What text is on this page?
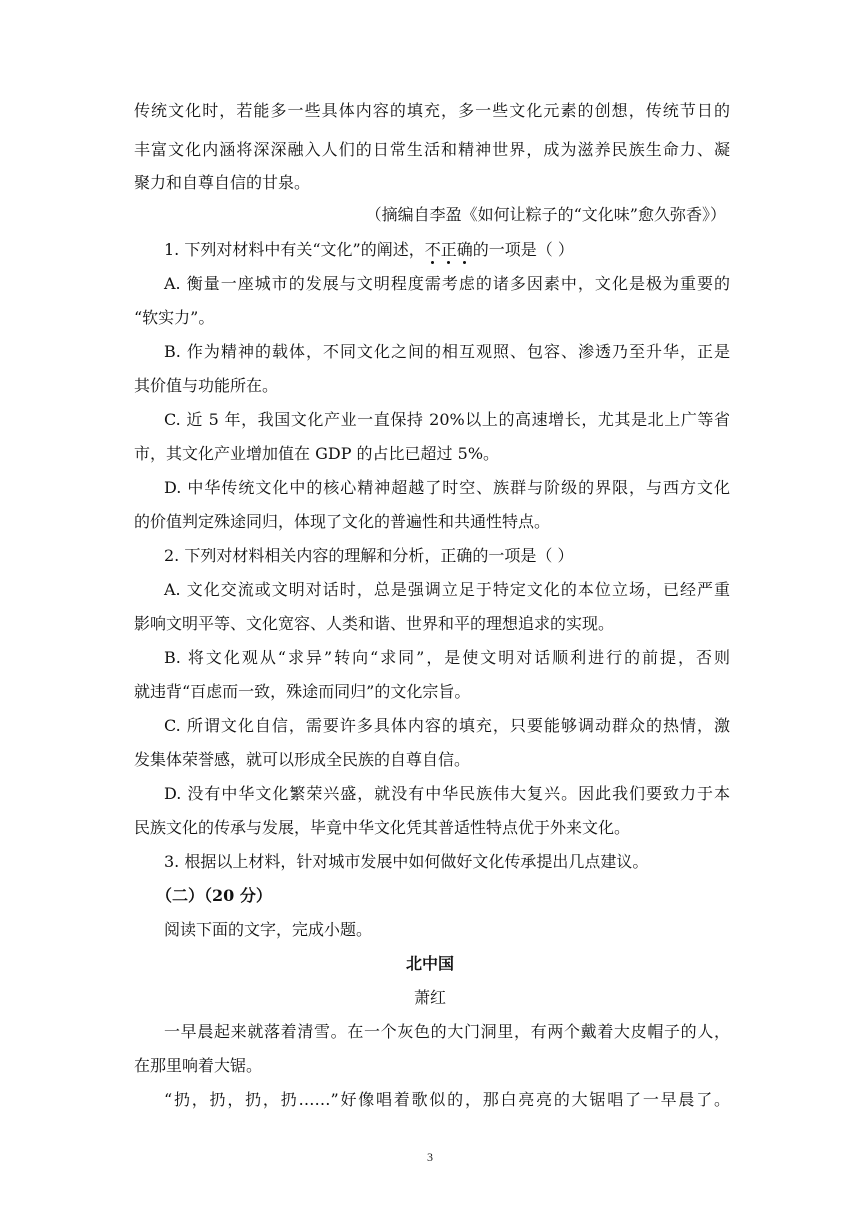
传统文化时，若能多一些具体内容的填充，多一些文化元素的创想，传统节日的
丰富文化内涵将深深融入人们的日常生活和精神世界，成为滋养民族生命力、凝
聚力和自尊自信的甘泉。
（摘编自李盈《如何让粽子的“文化味”愈久弥香》）
1. 下列对材料中有关“文化”的阐述，不正确的一项是（ ）
A. 衡量一座城市的发展与文明程度需考虑的诸多因素中，文化是极为重要的
“软实力”。
B. 作为精神的载体，不同文化之间的相互观照、包容、渗透乃至升华，正是
其价值与功能所在。
C. 近 5 年，我国文化产业一直保持 20%以上的高速增长，尤其是北上广等省
市，其文化产业增加值在 GDP 的占比已超过 5%。
D. 中华传统文化中的核心精神超越了时空、族群与阶级的界限，与西方文化
的价值判定殊途同归，体现了文化的普遍性和共通性特点。
2. 下列对材料相关内容的理解和分析，正确的一项是（ ）
A. 文化交流或文明对话时，总是强调立足于特定文化的本位立场，已经严重
影响文明平等、文化宽容、人类和谐、世界和平的理想追求的实现。
B. 将文化观从“求异”转向“求同”，是使文明对话顺利进行的前提，否则
就违背“百虑而一致，殊途而同归”的文化宗旨。
C. 所谓文化自信，需要许多具体内容的填充，只要能够调动群众的热情，激
发集体荣誉感，就可以形成全民族的自尊自信。
D. 没有中华文化繁荣兴盛，就没有中华民族伟大复兴。因此我们要致力于本
民族文化的传承与发展，毕竟中华文化凭其普适性特点优于外来文化。
3. 根据以上材料，针对城市发展中如何做好文化传承提出几点建议。
（二）（20 分）
阅读下面的文字，完成小题。
北中国
萧红
一早晨起来就落着清雪。在一个灰色的大门洞里，有两个戴着大皮帽子的人，
在那里响着大锯。
“扔，扔，扔，扔……”好像唱着歌似的，那白亮亮的大锯唱了一早晨了。
3
